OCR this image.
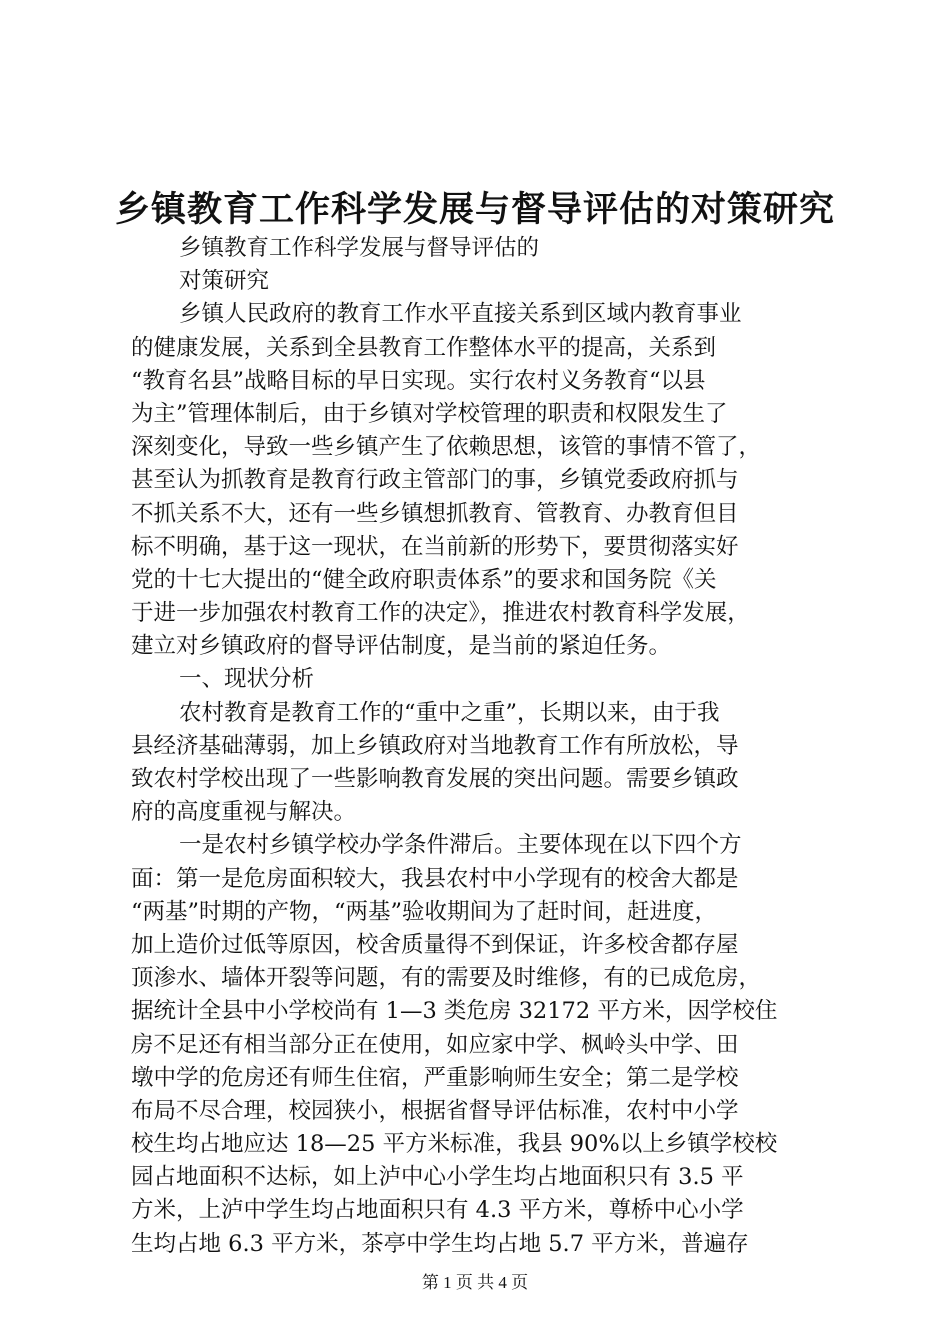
乡镇教育工作科学发展与督导评估的对策研究
乡镇教育工作科学发展与督导评估的
对策研究
乡镇人民政府的教育工作水平直接关系到区域内教育事业
的健康发展，关系到全县教育工作整体水平的提高，关系到
“教育名县”战略目标的早日实现。实行农村义务教育“以县
为主”管理体制后，由于乡镇对学校管理的职责和权限发生了
深刻变化，导致一些乡镇产生了依赖思想，该管的事情不管了，
甚至认为抓教育是教育行政主管部门的事，乡镇党委政府抓与
不抓关系不大，还有一些乡镇想抓教育、管教育、办教育但目
标不明确，基于这一现状，在当前新的形势下，要贯彻落实好
党的十七大提出的“健全政府职责体系”的要求和国务院《关
于进一步加强农村教育工作的决定》，推进农村教育科学发展，
建立对乡镇政府的督导评估制度，是当前的紧迫任务。
一、现状分析
农村教育是教育工作的“重中之重”，长期以来，由于我
县经济基础薄弱，加上乡镇政府对当地教育工作有所放松，导
致农村学校出现了一些影响教育发展的突出问题。需要乡镇政
府的高度重视与解决。
一是农村乡镇学校办学条件滞后。主要体现在以下四个方
面：第一是危房面积较大，我县农村中小学现有的校舍大都是
“两基”时期的产物，“两基”验收期间为了赶时间，赶进度，
加上造价过低等原因，校舍质量得不到保证，许多校舍都存屋
顶渗水、墙体开裂等问题，有的需要及时维修，有的已成危房，
据统计全县中小学校尚有 1—3 类危房 32172 平方米，因学校住
房不足还有相当部分正在使用，如应家中学、枫岭头中学、田
墩中学的危房还有师生住宿，严重影响师生安全；第二是学校
布局不尽合理，校园狭小，根据省督导评估标准，农村中小学
校生均占地应达 18—25 平方米标准，我县 90%以上乡镇学校校
园占地面积不达标，如上泸中心小学生均占地面积只有 3.5 平
方米，上泸中学生均占地面积只有 4.3 平方米，尊桥中心小学
生均占地 6.3 平方米，茶亭中学生均占地 5.7 平方米，普遍存
第 1 页 共 4 页
